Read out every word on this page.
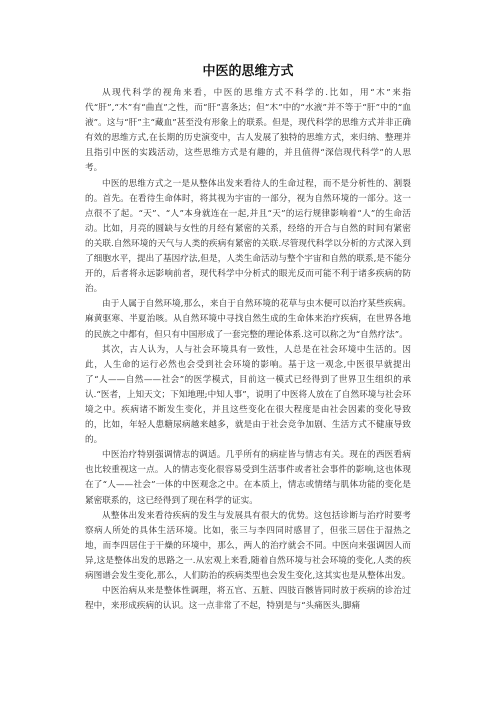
中医的思维方式

从现代科学的视角来看，中医的思维方式不科学的.比如，用“木”来指代“肝”,“木”有“曲直”之性，而“肝”喜条达；但“木”中的“水液”并不等于“肝”中的“血液”。这与“肝”主“藏血”甚至没有形象上的联系。但是，现代科学的思维方式并非正确有效的思维方式,在长期的历史演变中，古人发展了独特的思维方式，来归纳、整理并且指引中医的实践活动，这些思维方式是有趣的，并且值得“深信现代科学”的人思考。

中医的思维方式之一是从整体出发来看待人的生命过程，而不是分析性的、割裂的。首先。在看待生命体时，将其视为宇宙的一部分，视为自然环境的一部分。这一点很不了起。“天”、“人”本身就连在一起,并且“天”的运行规律影响着“人”的生命活动。比如，月亮的圆缺与女性的月经有紧密的关系，经络的开合与自然的时间有紧密的关联.自然环境的天气与人类的疾病有紧密的关联.尽管现代科学以分析的方式深入到了细胞水平，提出了基因疗法,但是，人类生命活动与整个宇宙和自然的联系,是不能分开的，后者将永远影响前者，现代科学中分析式的眼光反而可能不利于诸多疾病的防治。

由于人属于自然环境,那么，来自于自然环境的花草与虫木便可以治疗某些疾病。麻黄驱寒、半夏治咳。从自然环境中寻找自然生成的生命体来治疗疾病，在世界各地的民族之中都有，但只有中国形成了一套完整的理论体系.这可以称之为“自然疗法”。

其次，古人认为，人与社会环境具有一致性，人总是在社会环境中生活的。因此，人生命的运行必然也会受到社会环境的影响。基于这一观念,中医很早就提出了“人——自然——社会”的医学模式，目前这一模式已经得到了世界卫生组织的承认.“医者，上知天文；下知地理;中知人事”，说明了中医将人放在了自然环境与社会环境之中。疾病诸不断发生变化，并且这些变化在很大程度是由社会因素的变化导致的，比如，年轻人患糖尿病越来越多，就是由于社会竞争加剧、生活方式不健康导致的。

中医治疗特别强调情志的调适。几乎所有的病症皆与情志有关。现在的西医看病也比较重视这一点。人的情志变化很容易受到生活事件或者社会事件的影响,这也体现在了“人——社会”一体的中医观念之中。在本质上，情志或情绪与肌体功能的变化是紧密联系的，这已经得到了现在科学的证实。

从整体出发来看待疾病的发生与发展具有很大的优势。这包括诊断与治疗时要考察病人所处的具体生活环境。比如，张三与李四同时感冒了，但张三居住于湿热之地，而李四居住于干燥的环境中，那么，两人的治疗就会不同。中医向来强调因人而异,这是整体出发的思路之一.从宏观上来看,随着自然环境与社会环境的变化,人类的疾病图谱会发生变化,那么，人们防治的疾病类型也会发生变化,这其实也是从整体出发。

中医治病从来是整体性调理，将五官、五脏、四肢百骸皆同时放于疾病的诊治过程中，来形成疾病的认识。这一点非常了不起，特别是与“头痛医头,脚痛
